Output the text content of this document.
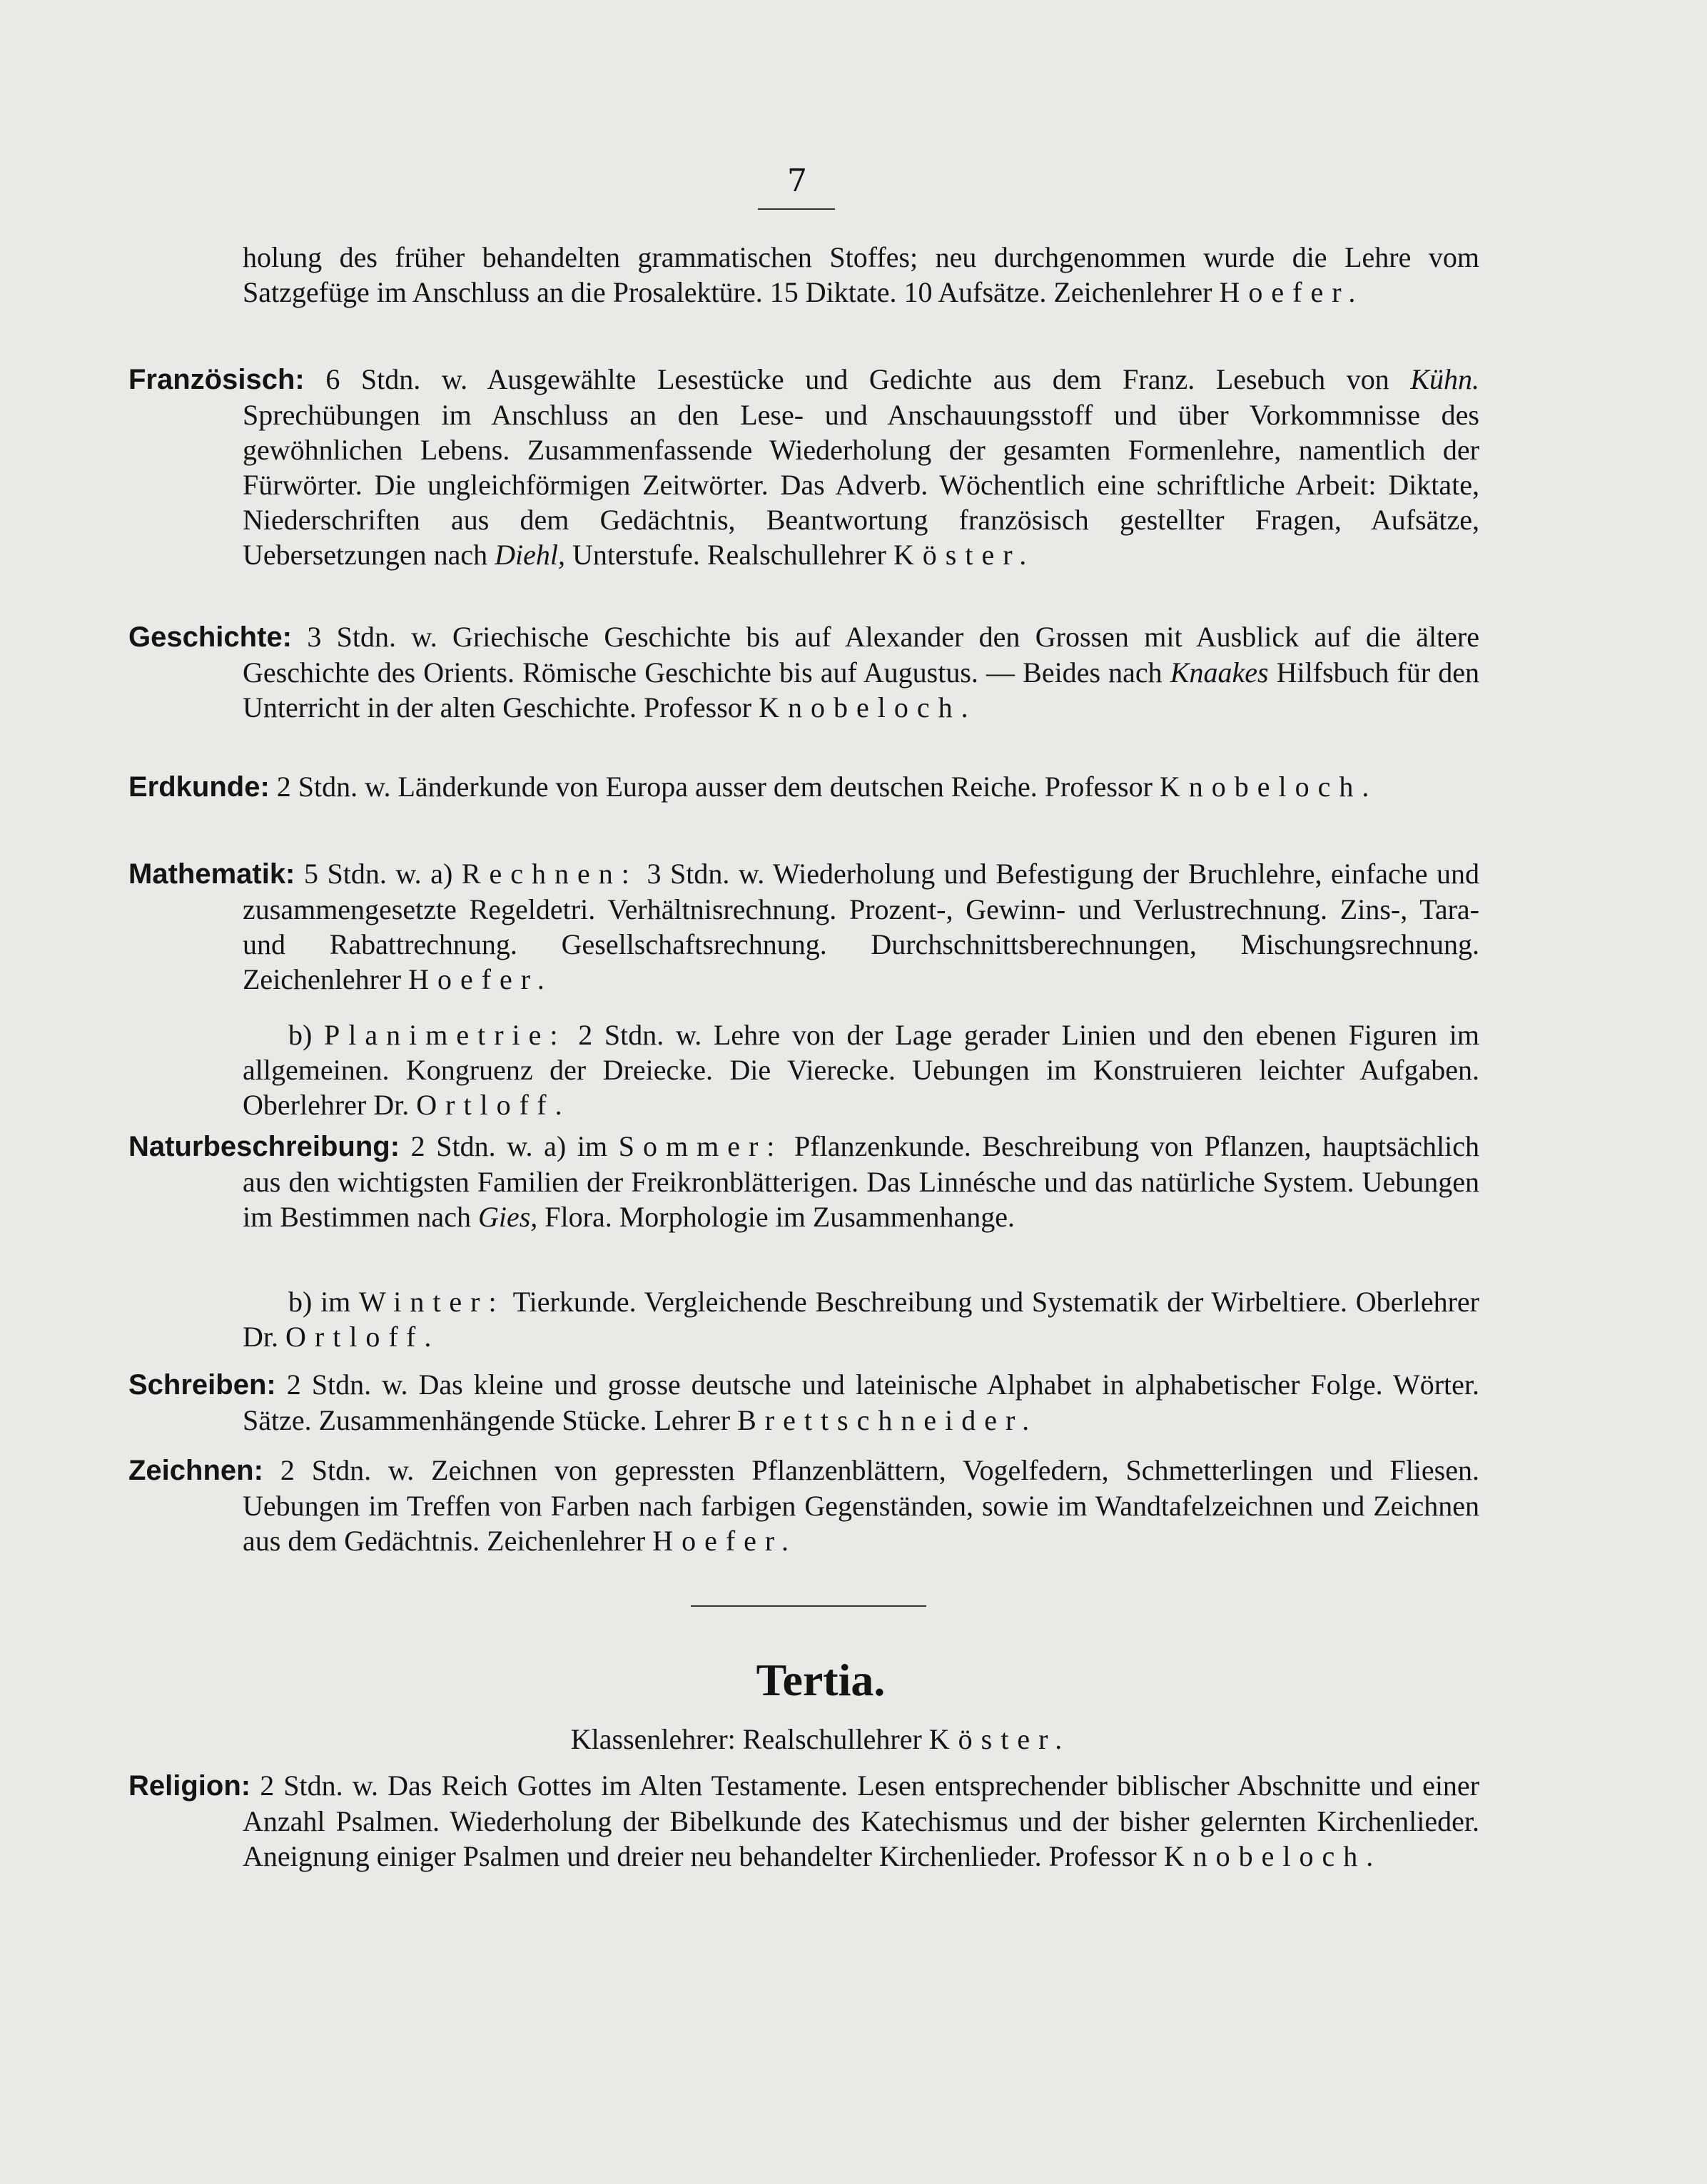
7

holung des früher behandelten grammatischen Stoffes; neu durchgenommen wurde die Lehre vom Satzgefüge im Anschluss an die Prosalektüre. 15 Diktate. 10 Aufsätze. Zeichenlehrer Hoefer.

Französisch: 6 Stdn. w. Ausgewählte Lesestücke und Gedichte aus dem Franz. Lesebuch von Kühn. Sprechübungen im Anschluss an den Lese- und Anschauungsstoff und über Vorkommnisse des gewöhnlichen Lebens. Zusammenfassende Wiederholung der gesamten Formenlehre, namentlich der Fürwörter. Die ungleichförmigen Zeitwörter. Das Adverb. Wöchentlich eine schriftliche Arbeit: Diktate, Niederschriften aus dem Gedächtnis, Beantwortung französisch gestellter Fragen, Aufsätze, Uebersetzungen nach Diehl, Unterstufe. Realschullehrer Köster.

Geschichte: 3 Stdn. w. Griechische Geschichte bis auf Alexander den Grossen mit Ausblick auf die ältere Geschichte des Orients. Römische Geschichte bis auf Augustus. — Beides nach Knaakes Hilfsbuch für den Unterricht in der alten Geschichte. Professor Knobeloch.

Erdkunde: 2 Stdn. w. Länderkunde von Europa ausser dem deutschen Reiche. Professor Knobeloch.

Mathematik: 5 Stdn. w. a) Rechnen: 3 Stdn. w. Wiederholung und Befestigung der Bruchlehre, einfache und zusammengesetzte Regeldetri. Verhältnisrechnung. Prozent-, Gewinn- und Verlustrechnung. Zins-, Tara- und Rabattrechnung. Gesellschaftsrechnung. Durchschnittsberechnungen, Mischungsrechnung. Zeichenlehrer Hoefer.

b) Planimetrie: 2 Stdn. w. Lehre von der Lage gerader Linien und den ebenen Figuren im allgemeinen. Kongruenz der Dreiecke. Die Vierecke. Uebungen im Konstruieren leichter Aufgaben. Oberlehrer Dr. Ortloff.

Naturbeschreibung: 2 Stdn. w. a) im Sommer: Pflanzenkunde. Beschreibung von Pflanzen, hauptsächlich aus den wichtigsten Familien der Freikronblätterigen. Das Linnésche und das natürliche System. Uebungen im Bestimmen nach Gies, Flora. Morphologie im Zusammenhange.

b) im Winter: Tierkunde. Vergleichende Beschreibung und Systematik der Wirbeltiere. Oberlehrer Dr. Ortloff.

Schreiben: 2 Stdn. w. Das kleine und grosse deutsche und lateinische Alphabet in alphabetischer Folge. Wörter. Sätze. Zusammenhängende Stücke. Lehrer Brettschneider.

Zeichnen: 2 Stdn. w. Zeichnen von gepressten Pflanzenblättern, Vogelfedern, Schmetterlingen und Fliesen. Uebungen im Treffen von Farben nach farbigen Gegenständen, sowie im Wandtafelzeichnen und Zeichnen aus dem Gedächtnis. Zeichenlehrer Hoefer.

Tertia.
Klassenlehrer: Realschullehrer Köster.

Religion: 2 Stdn. w. Das Reich Gottes im Alten Testamente. Lesen entsprechender biblischer Abschnitte und einer Anzahl Psalmen. Wiederholung der Bibelkunde des Katechismus und der bisher gelernten Kirchenlieder. Aneignung einiger Psalmen und dreier neu behandelter Kirchenlieder. Professor Knobeloch.
